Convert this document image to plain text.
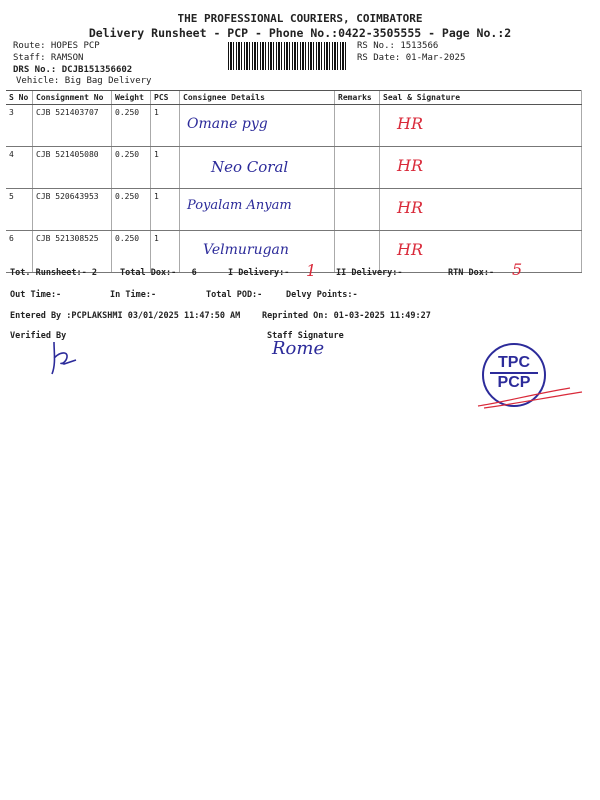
THE PROFESSIONAL COURIERS, COIMBATORE
Delivery Runsheet - PCP - Phone No.:0422-3505555 - Page No.:2
Route: HOPES PCP
Staff: RAMSON
DRS No.: DCJB151356602
Vehicle: Big Bag Delivery
RS No.: 1513566
RS Date: 01-Mar-2025
S No	Consignment No	Weight	PCS	Consignee Details	Remarks	Seal & Signature
3	CJB 521403707	0.250	1	Omane pyg		HR

4	CJB 521405080	0.250	1	Neo Coral		HR

5	CJB 520643953	0.250	1	Poyalam Anyam		HR

6	CJB 521308525	0.250	1	Velmurugan		HR
Tot. Runsheet:- 2	Total Dox:-   6	I Delivery:- 1 II Delivery:-	RTN Dox:- 5
Out Time:-	In Time:-	Total POD:-	Delvy Points:-
Entered By :PCPLAKSHMI 03/01/2025 11:47:50 AM	Reprinted On: 01-03-2025 11:49:27
Verified By	Staff Signature
Rome
TPC
PCP
